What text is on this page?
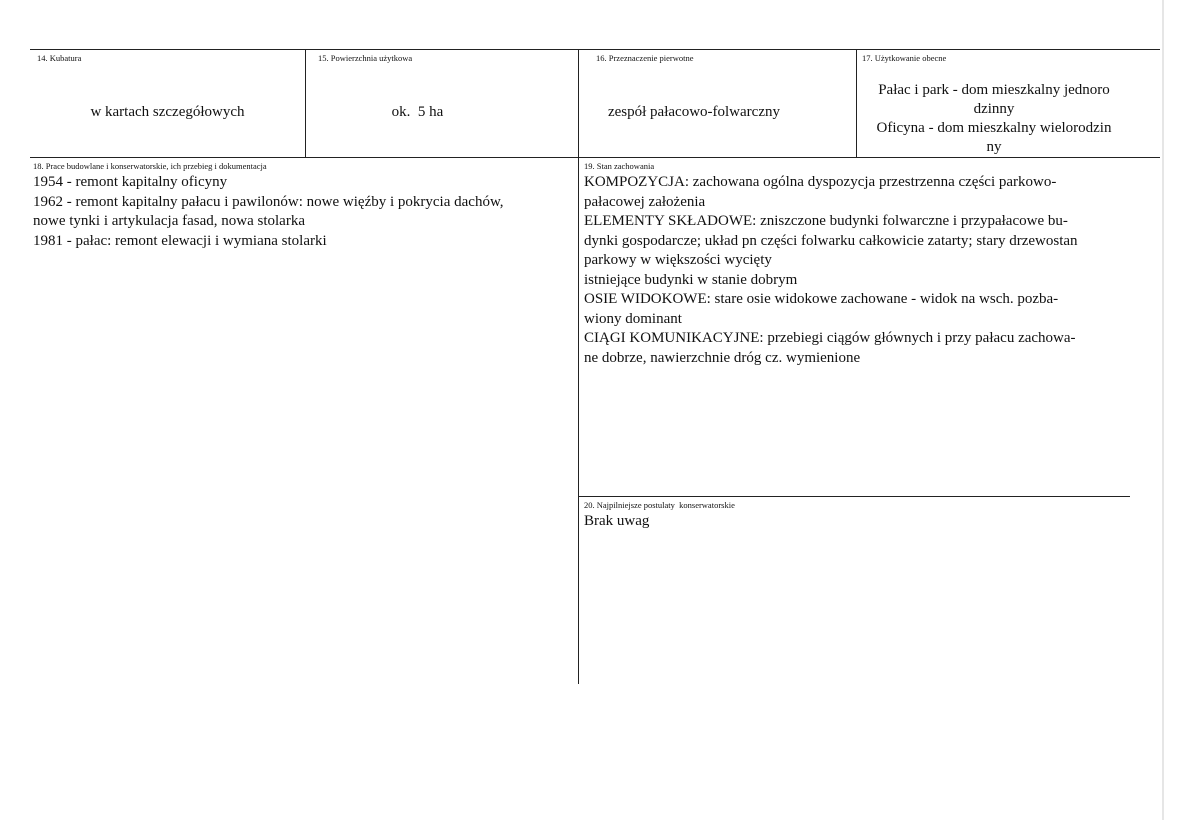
14. Kubatura
w kartach szczegółowych
15. Powierzchnia użytkowa
ok.  5 ha
16. Przeznaczenie pierwotne
zespół pałacowo-folwarczny
17. Użytkowanie obecne
Pałac i park - dom mieszkalny jednoro
dzinny
Oficyna - dom mieszkalny wielorodzin
ny
18. Prace budowlane i konserwatorskie, ich przebieg i dokumentacja
1954 - remont kapitalny oficyny
1962 - remont kapitalny pałacu i pawilonów: nowe więźby i pokrycia dachów,
nowe tynki i artykulacja fasad, nowa stolarka
1981 - pałac: remont elewacji i wymiana stolarki
19. Stan zachowania
KOMPOZYCJA: zachowana ogólna dyspozycja przestrzenna części parkowo-
pałacowej założenia
ELEMENTY SKŁADOWE: zniszczone budynki folwarczne i przypałacowe bu-
dynki gospodarcze; układ pn części folwarku całkowicie zatarty; stary drzewostan
parkowy w większości wycięty
istniejące budynki w stanie dobrym
OSIE WIDOKOWE: stare osie widokowe zachowane - widok na wsch. pozba-
wiony dominant
CIĄGI KOMUNIKACYJNE: przebiegi ciągów głównych i przy pałacu zachowa-
ne dobrze, nawierzchnie dróg cz. wymienione
20. Najpilniejsze postulaty  konserwatorskie
Brak uwag
